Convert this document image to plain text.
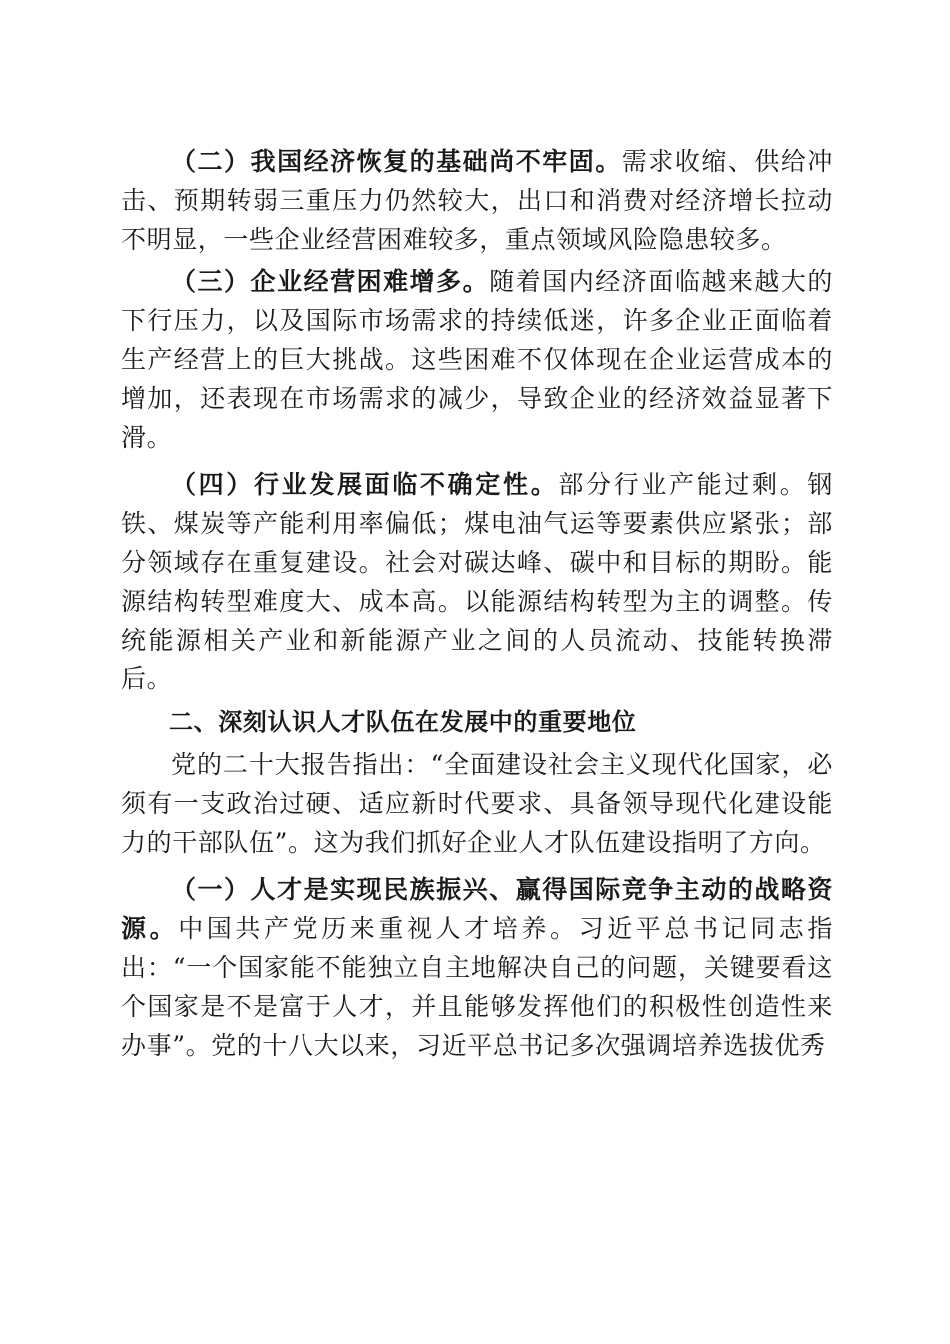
（二）我国经济恢复的基础尚不牢固。需求收缩、供给冲击、预期转弱三重压力仍然较大，出口和消费对经济增长拉动不明显，一些企业经营困难较多，重点领域风险隐患较多。

（三）企业经营困难增多。随着国内经济面临越来越大的下行压力，以及国际市场需求的持续低迷，许多企业正面临着生产经营上的巨大挑战。这些困难不仅体现在企业运营成本的增加，还表现在市场需求的减少，导致企业的经济效益显著下滑。

（四）行业发展面临不确定性。部分行业产能过剩。钢铁、煤炭等产能利用率偏低；煤电油气运等要素供应紧张；部分领域存在重复建设。社会对碳达峰、碳中和目标的期盼。能源结构转型难度大、成本高。以能源结构转型为主的调整。传统能源相关产业和新能源产业之间的人员流动、技能转换滞后。

二、深刻认识人才队伍在发展中的重要地位

党的二十大报告指出：“全面建设社会主义现代化国家，必须有一支政治过硬、适应新时代要求、具备领导现代化建设能力的干部队伍”。这为我们抓好企业人才队伍建设指明了方向。

（一）人才是实现民族振兴、赢得国际竞争主动的战略资源。中国共产党历来重视人才培养。习近平总书记同志指出：“一个国家能不能独立自主地解决自己的问题，关键要看这个国家是不是富于人才，并且能够发挥他们的积极性创造性来办事”。党的十八大以来，习近平总书记多次强调培养选拔优秀
